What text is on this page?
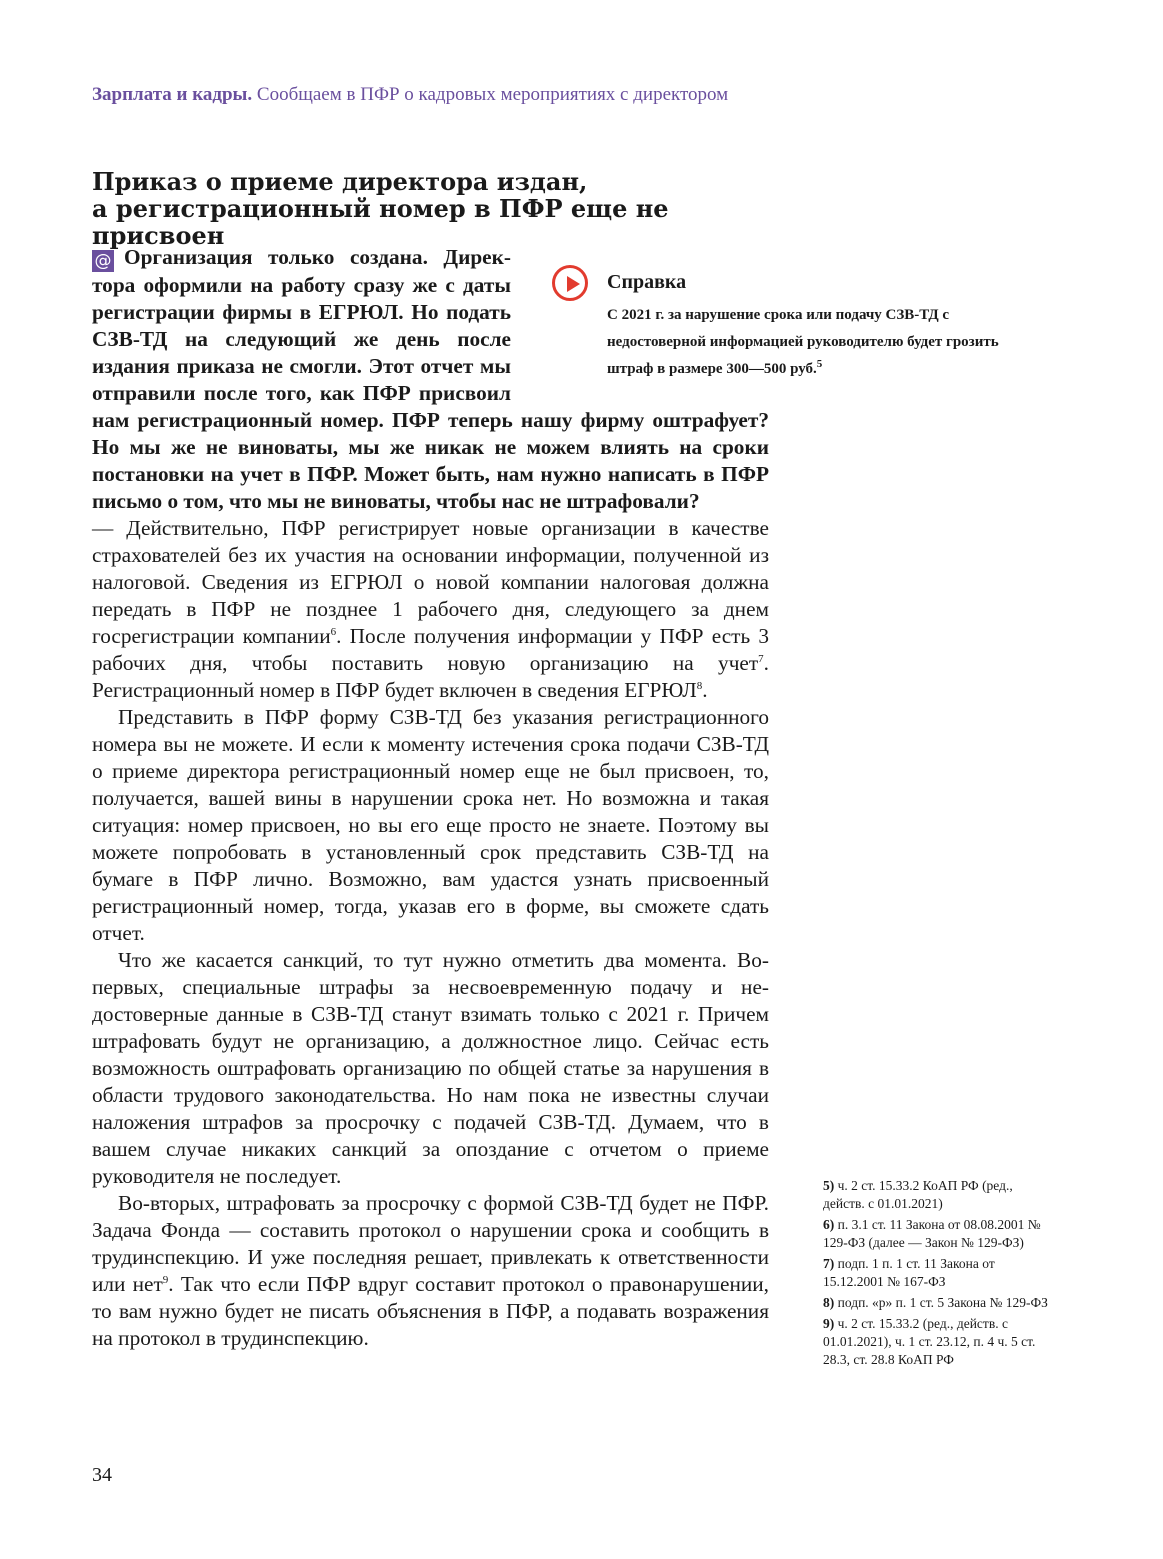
Зарплата и кадры. Сообщаем в ПФР о кадровых мероприятиях с директором
Приказ о приеме директора издан,
а регистрационный номер в ПФР еще не присвоен

@ Организация только создана. Директора оформили на работу сразу же с даты регистрации фирмы в ЕГРЮЛ. Но подать СЗВ-ТД на следующий же день после издания приказа не смогли. Этот отчет мы отправили после того, как ПФР присвоил нам регистрационный номер. ПФР теперь нашу фирму оштрафует? Но мы же не виноваты, мы же никак не можем влиять на сроки постановки на учет в ПФР. Может быть, нам нужно написать в ПФР письмо о том, что мы не виноваты, чтобы нас не штрафовали?

— Действительно, ПФР регистрирует новые организации в качестве страхователей без их участия на основании информации, полученной из налоговой. Сведения из ЕГРЮЛ о новой компании налоговая должна передать в ПФР не позднее 1 рабочего дня, следующего за днем госрегистрации компании$^6$. После получения информации у ПФР есть 3 рабочих дня, чтобы поставить новую организацию на учет$^7$. Регистрационный номер в ПФР будет включен в сведения ЕГРЮЛ$^8$.

Представить в ПФР форму СЗВ-ТД без указания регистрационного номера вы не можете. И если к моменту истечения срока подачи СЗВ-ТД о приеме директора регистрационный номер еще не был присвоен, то, получается, вашей вины в нарушении срока нет. Но возможна и такая ситуация: номер присвоен, но вы его еще просто не знаете. Поэтому вы можете попробовать в установленный срок представить СЗВ-ТД на бумаге в ПФР лично. Возможно, вам удастся узнать присвоенный регистрационный номер, тогда, указав его в форме, вы сможете сдать отчет.

Что же касается санкций, то тут нужно отметить два момента. Во-первых, специальные штрафы за несвоевременную подачу и недостоверные данные в СЗВ-ТД станут взимать только с 2021 г. Причем штрафовать будут не организацию, а должностное лицо. Сейчас есть возможность оштрафовать организацию по общей статье за нарушения в области трудового законодательства. Но нам пока не известны случаи наложения штрафов за просрочку с подачей СЗВ-ТД. Думаем, что в вашем случае никаких санкций за опоздание с отчетом о приеме руководителя не последует.

Во-вторых, штрафовать за просрочку с формой СЗВ-ТД будет не ПФР. Задача Фонда — составить протокол о нарушении срока и сообщить в трудинспекцию. И уже последняя решает, привлекать к ответственности или нет$^9$. Так что если ПФР вдруг составит протокол о правонарушении, то вам нужно будет не писать объяснения в ПФР, а подавать возражения на протокол в трудинспекцию.

Справка
С 2021 г. за нарушение срока или подачу СЗВ-ТД с недостоверной информацией руководителю будет грозить штраф в размере 300—500 руб.$^5$
5) ч. 2 ст. 15.33.2 КоАП РФ (ред., действ. с 01.01.2021)
6) п. 3.1 ст. 11 Закона от 08.08.2001 № 129-ФЗ (далее — Закон № 129-ФЗ)
7) подп. 1 п. 1 ст. 11 Закона от 15.12.2001 № 167-ФЗ
8) подп. «р» п. 1 ст. 5 Закона № 129-ФЗ
9) ч. 2 ст. 15.33.2 (ред., действ. с 01.01.2021), ч. 1 ст. 23.12, п. 4 ч. 5 ст. 28.3, ст. 28.8 КоАП РФ
34
